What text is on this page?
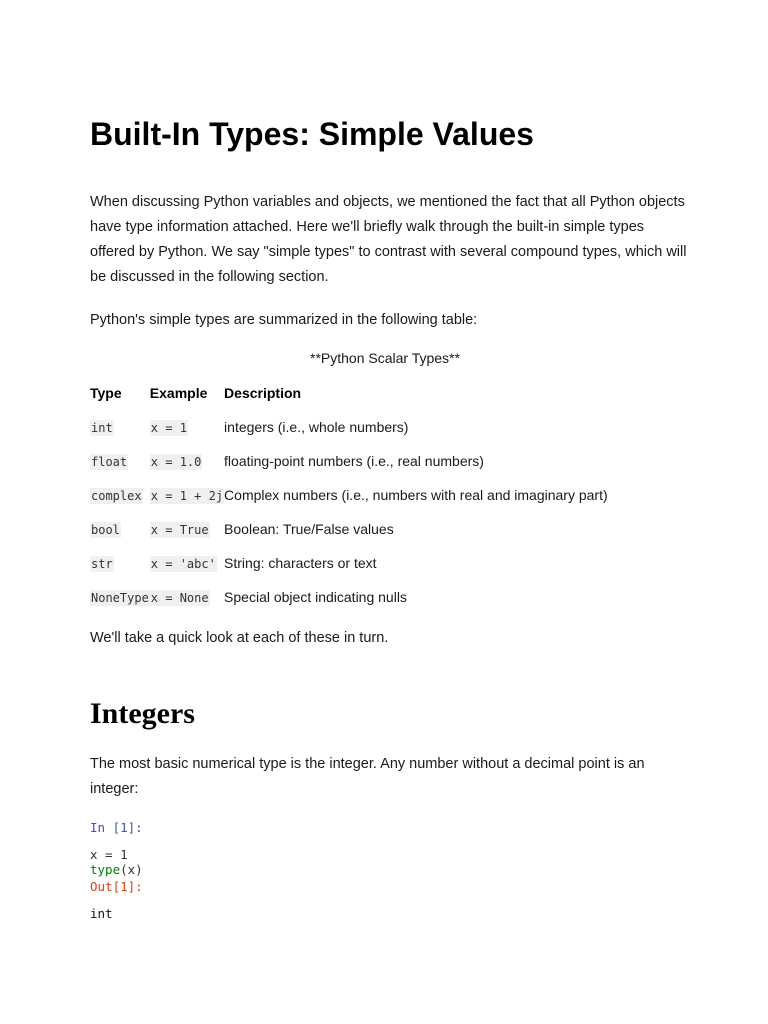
Built-In Types: Simple Values

When discussing Python variables and objects, we mentioned the fact that all Python objects have type information attached. Here we'll briefly walk through the built-in simple types offered by Python. We say "simple types" to contrast with several compound types, which will be discussed in the following section.

Python's simple types are summarized in the following table:

**Python Scalar Types**
Type	Example	Description
int	x = 1	integers (i.e., whole numbers)
float	x = 1.0	floating-point numbers (i.e., real numbers)
complex	x = 1 + 2j	Complex numbers (i.e., numbers with real and imaginary part)
bool	x = True	Boolean: True/False values
str	x = 'abc'	String: characters or text
NoneType	x = None	Special object indicating nulls

We'll take a quick look at each of these in turn.

Integers

The most basic numerical type is the integer. Any number without a decimal point is an integer:

In [1]:
x = 1
type(x)
Out[1]:
int
